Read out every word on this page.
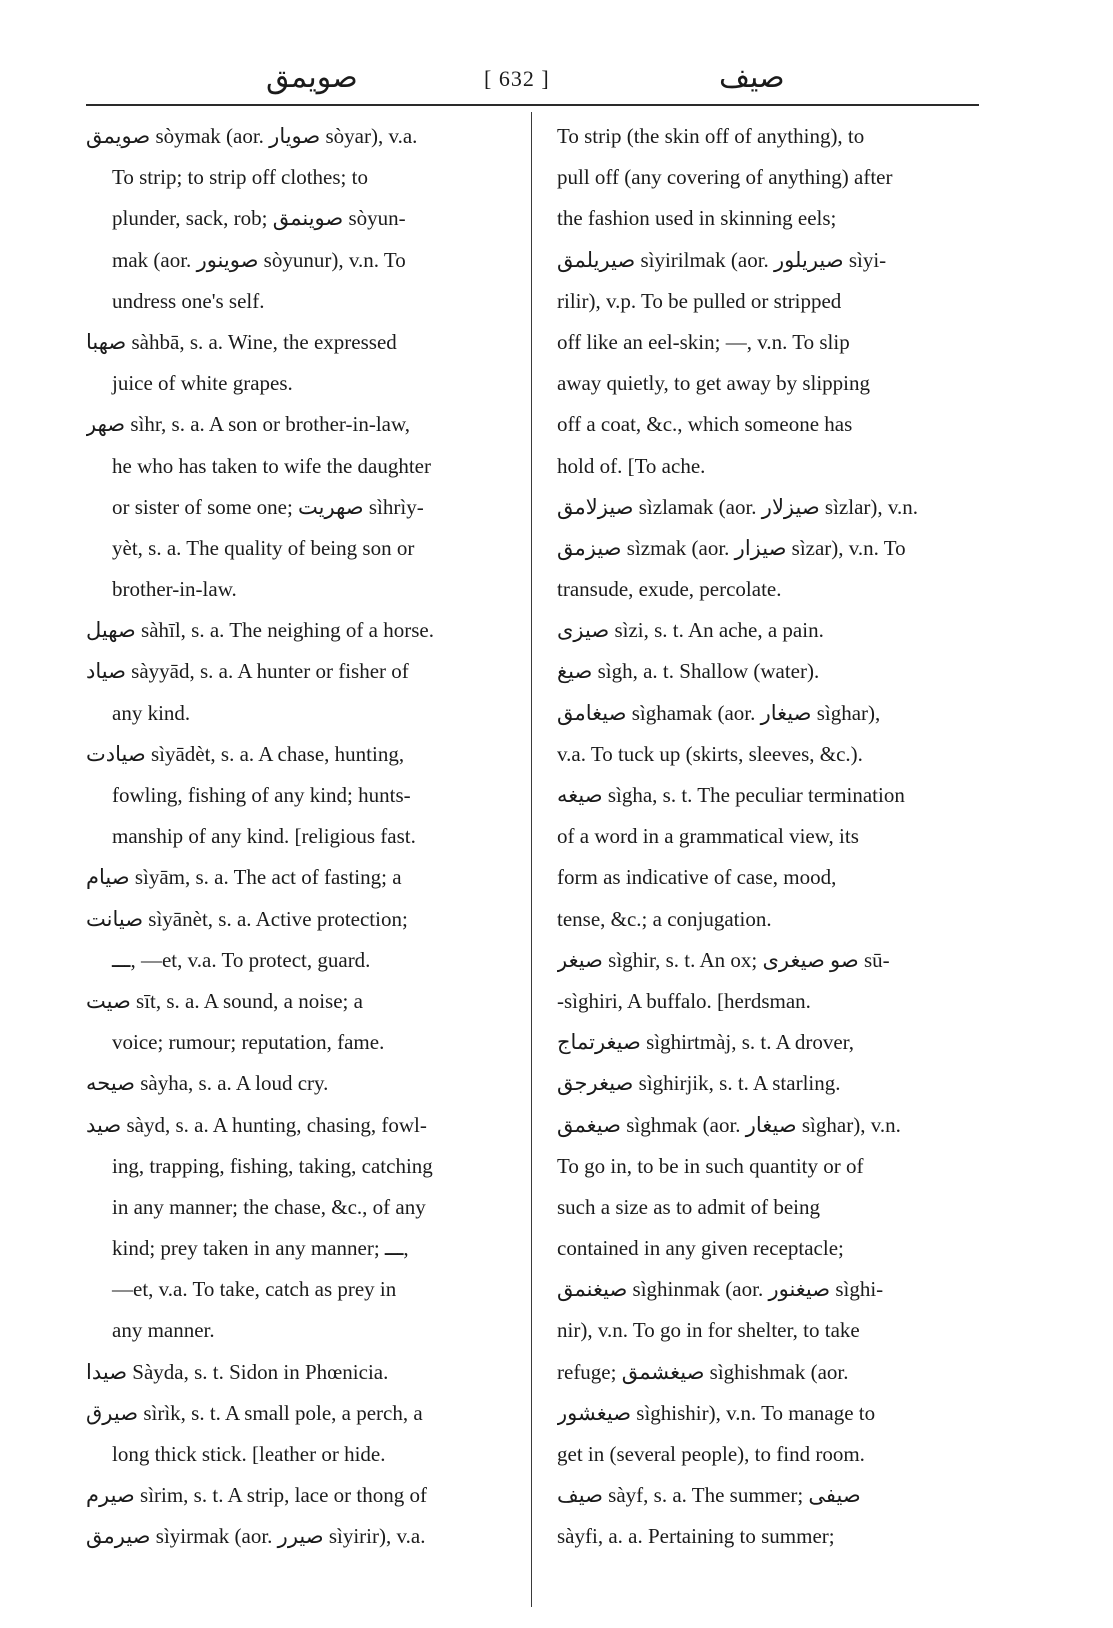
صويمق	[ 632 ]	صيف
صويمق sòymak (aor. صويار sòyar), v.a.
To strip; to strip off clothes; to
plunder, sack, rob; صوينمق sòyun-
mak (aor. صوينور sòyunur), v.n. To
undress one's self.
صهبا sàhbā, s. a. Wine, the expressed
juice of white grapes.
صهر sìhr, s. a. A son or brother-in-law,
he who has taken to wife the daughter
or sister of some one; صهريت sìhrìy-
yèt, s. a. The quality of being son or
brother-in-law.
صهيل sàhīl, s. a. The neighing of a horse.
صياد sàyyād, s. a. A hunter or fisher of
any kind.
صيادت sìyādèt, s. a. A chase, hunting,
fowling, fishing of any kind; hunts-
manship of any kind. [religious fast.
صيام sìyām, s. a. The act of fasting; a
صيانت sìyānèt, s. a. Active protection;
ـــ, —et, v.a. To protect, guard.
صيت sīt, s. a. A sound, a noise; a
voice; rumour; reputation, fame.
صيحه sàyha, s. a. A loud cry.
صيد sàyd, s. a. A hunting, chasing, fowl-
ing, trapping, fishing, taking, catching
in any manner; the chase, &c., of any
kind; prey taken in any manner; ـــ,
—et, v.a. To take, catch as prey in
any manner.
صيدا Sàyda, s. t. Sidon in Phœnicia.
صيرق sìrìk, s. t. A small pole, a perch, a
long thick stick. [leather or hide.
صيرم sìrim, s. t. A strip, lace or thong of
صيرمق sìyirmak (aor. صيرر sìyirir), v.a.
To strip (the skin off of anything), to
pull off (any covering of anything) after
the fashion used in skinning eels;
صيريلمق sìyirilmak (aor. صيريلور sìyi-
rilir), v.p. To be pulled or stripped
off like an eel-skin; —, v.n. To slip
away quietly, to get away by slipping
off a coat, &c., which someone has
hold of. [To ache.
صيزلامق sìzlamak (aor. صيزلار sìzlar), v.n.
صيزمق sìzmak (aor. صيزار sìzar), v.n. To
transude, exude, percolate.
صيزى sìzi, s. t. An ache, a pain.
صيغ sìgh, a. t. Shallow (water).
صيغامق sìghamak (aor. صيغار sìghar),
v.a. To tuck up (skirts, sleeves, &c.).
صيغه sìgha, s. t. The peculiar termination
of a word in a grammatical view, its
form as indicative of case, mood,
tense, &c.; a conjugation.
صيغر sìghir, s. t. An ox; صو صيغرى sū-
-sìghiri, A buffalo. [herdsman.
صيغرتماج sìghirtmàj, s. t. A drover,
صيغرجق sìghirjik, s. t. A starling.
صيغمق sìghmak (aor. صيغار sìghar), v.n.
To go in, to be in such quantity or of
such a size as to admit of being
contained in any given receptacle;
صيغنمق sìghinmak (aor. صيغنور sìghi-
nir), v.n. To go in for shelter, to take
refuge; صيغشمق sìghishmak (aor.
صيغشور sìghishir), v.n. To manage to
get in (several people), to find room.
صيف sàyf, s. a. The summer; صيفى
sàyfi, a. a. Pertaining to summer;
